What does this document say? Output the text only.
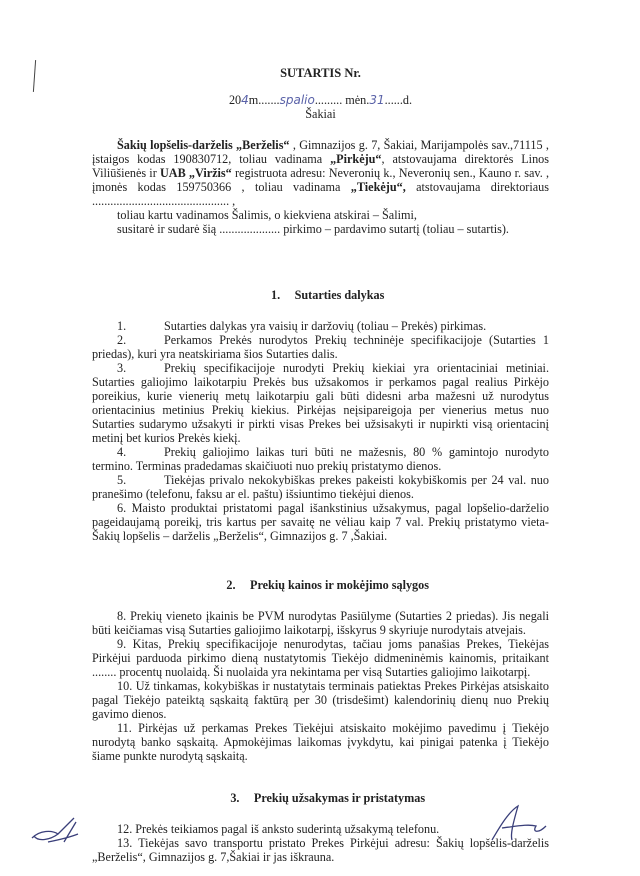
SUTARTIS Nr.

204m.......spalio......... mėn.31......d.

Šakiai

Šakių lopšelis-darželis „Berželis“ , Gimnazijos g. 7, Šakiai, Marijampolės sav.,71115 , įstaigos kodas 190830712, toliau vadinama „Pirkėju“, atstovaujama direktorės Linos Viliūšienės ir UAB „Viržis“ registruota adresu: Neveronių k., Neveronių sen., Kauno r. sav. , įmonės kodas 159750366 , toliau vadinama „Tiekėju“, atstovaujama direktoriaus ............................................. ,

toliau kartu vadinamos Šalimis, o kiekviena atskirai – Šalimi,

susitarė ir sudarė šią .................... pirkimo – pardavimo sutartį (toliau – sutartis).

1. Sutarties dalykas

1.	Sutarties dalykas yra vaisių ir daržovių (toliau – Prekės) pirkimas.

2.	Perkamos Prekės nurodytos Prekių techninėje specifikacijoje (Sutarties 1 priedas), kuri yra neatskiriama šios Sutarties dalis.

3.	Prekių specifikacijoje nurodyti Prekių kiekiai yra orientaciniai metiniai. Sutarties galiojimo laikotarpiu Prekės bus užsakomos ir perkamos pagal realius Pirkėjo poreikius, kurie vienerių metų laikotarpiu gali būti didesni arba mažesni už nurodytus orientacinius metinius Prekių kiekius. Pirkėjas neįsipareigoja per vienerius metus nuo Sutarties sudarymo užsakyti ir pirkti visas Prekes bei užsisakyti ir nupirkti visą orientacinį metinį bet kurios Prekės kiekį.

4.	Prekių galiojimo laikas turi būti ne mažesnis, 80 % gamintojo nurodyto termino. Terminas pradedamas skaičiuoti nuo prekių pristatymo dienos.

5.	Tiekėjas privalo nekokybiškas prekes pakeisti kokybiškomis per 24 val. nuo pranešimo (telefonu, faksu ar el. paštu) išsiuntimo tiekėjui dienos.

6. Maisto produktai pristatomi pagal išankstinius užsakymus, pagal lopšelio-darželio pageidaujamą poreikį, tris kartus per savaitę ne vėliau kaip 7 val. Prekių pristatymo vieta- Šakių lopšelis – darželis „Berželis“, Gimnazijos g. 7 ,Šakiai.

2. Prekių kainos ir mokėjimo sąlygos

8. Prekių vieneto įkainis be PVM nurodytas Pasiūlyme (Sutarties 2 priedas). Jis negali būti keičiamas visą Sutarties galiojimo laikotarpį, išskyrus 9 skyriuje nurodytais atvejais.

9. Kitas, Prekių specifikacijoje nenurodytas, tačiau joms panašias Prekes, Tiekėjas Pirkėjui parduoda pirkimo dieną nustatytomis Tiekėjo didmeninėmis kainomis, pritaikant ........ procentų nuolaidą. Ši nuolaida yra nekintama per visą Sutarties galiojimo laikotarpį.

10. Už tinkamas, kokybiškas ir nustatytais terminais patiektas Prekes Pirkėjas atsiskaito pagal Tiekėjo pateiktą sąskaitą faktūrą per 30 (trisdešimt) kalendorinių dienų nuo Prekių gavimo dienos.

11. Pirkėjas už perkamas Prekes Tiekėjui atsiskaito mokėjimo pavedimu į Tiekėjo nurodytą banko sąskaitą. Apmokėjimas laikomas įvykdytu, kai pinigai patenka į Tiekėjo šiame punkte nurodytą sąskaitą.

3. Prekių užsakymas ir pristatymas

12. Prekės teikiamos pagal iš anksto suderintą užsakymą telefonu.

13. Tiekėjas savo transportu pristato Prekes Pirkėjui adresu: Šakių lopšelis-darželis „Berželis“, Gimnazijos g. 7,Šakiai ir jas iškrauna.
